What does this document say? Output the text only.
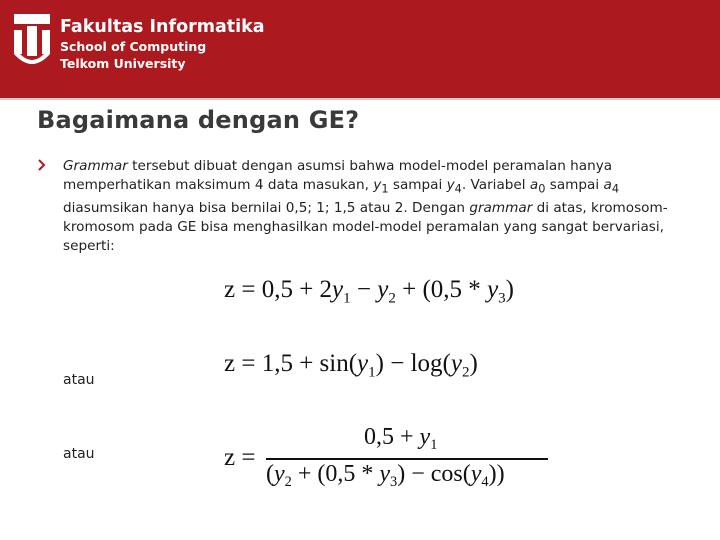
Fakultas Informatika
School of Computing
Telkom University
Bagaimana dengan GE?
Grammar tersebut dibuat dengan asumsi bahwa model-model peramalan hanya memperhatikan maksimum 4 data masukan, $y_1$ sampai $y_4$. Variabel $a_0$ sampai $a_4$ diasumsikan hanya bisa bernilai 0,5; 1; 1,5 atau 2. Dengan grammar di atas, kromosom-kromosom pada GE bisa menghasilkan model-model peramalan yang sangat bervariasi, seperti:
$z = 0,5 + 2y_1 - y_2 + (0,5 * y_3)$
atau
$z = 1,5 + \sin(y_1) - \log(y_2)$
atau	z =
$0,5 + y_1$
$(y_2 + (0,5 * y_3) - \cos(y_4))$
